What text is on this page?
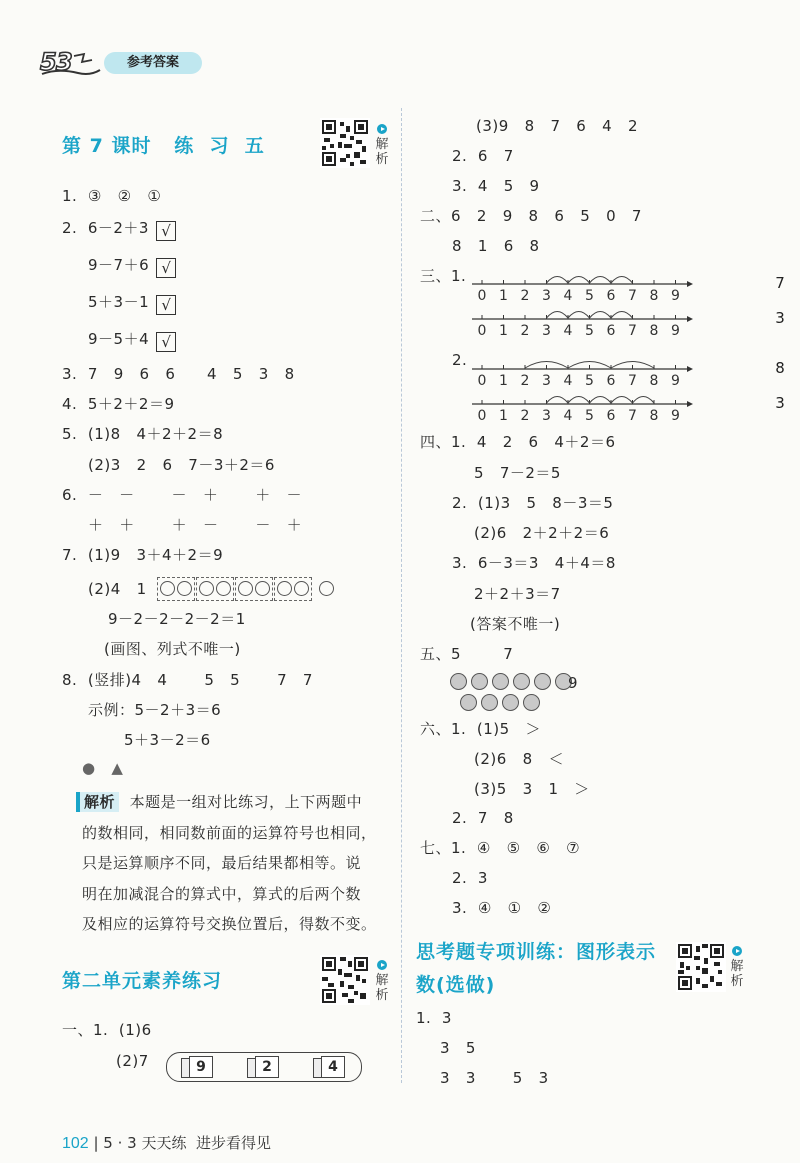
5 3	参考答案
第 7 课时   练  习  五	解析
1.  ③   ②   ①
2.  6－2＋3 √
9－7＋6 √
5＋3－1 √
9－5＋4 √
3.  7   9   6   6      4   5   3   8
4.  5＋2＋2＝9
5.  (1)8   4＋2＋2＝8
(2)3   2   6   7－3＋2＝6
6.  －   －       －   ＋       ＋   －
＋   ＋       ＋   －       －   ＋
7.  (1)9   3＋4＋2＝9
(2)4   1
9－2－2－2－2＝1
(画图、列式不唯一)
8.  (竖排)4   4       5   5       7   7
示例：5－2＋3＝6
5＋3－2＝6
●   ▲
解析 本题是一组对比练习，上下两题中
的数相同，相同数前面的运算符号也相同，
只是运算顺序不同，最后结果都相等。说
明在加减混合的算式中，算式的后两个数
及相应的运算符号交换位置后，得数不变。
第二单元素养练习	解析
一、1.  (1)6
(2)7	9	2	4
102 | 5 · 3 天天练 进步看得见
(3)9   8   7   6   4   2
2.  6   7
3.  4   5   9
二、6   2   9   8   6   5   0   7
8   1   6   8
三、1.
2.
0 1 2 3 4 5 6 7 8 9
7
0 1 2 3 4 5 6 7 8 9
3
0 1 2 3 4 5 6 7 8 9
8
0 1 2 3 4 5 6 7 8 9
3
四、1.  4   2   6   4＋2＝6
5   7－2＝5
2.  (1)3   5   8－3＝5
(2)6   2＋2＋2＝6
3.  6－3＝3   4＋4＝8
2＋2＋3＝7
(答案不唯一)
五、5        7
9
六、1.  (1)5   ＞
(2)6   8   ＜
(3)5   3   1   ＞
2.  7   8
七、1.  ④   ⑤   ⑥   ⑦
2.  3
3.  ④   ①   ②
思考题专项训练：图形表示
数(选做)
解析
1.  3
3   5
3   3       5   3
